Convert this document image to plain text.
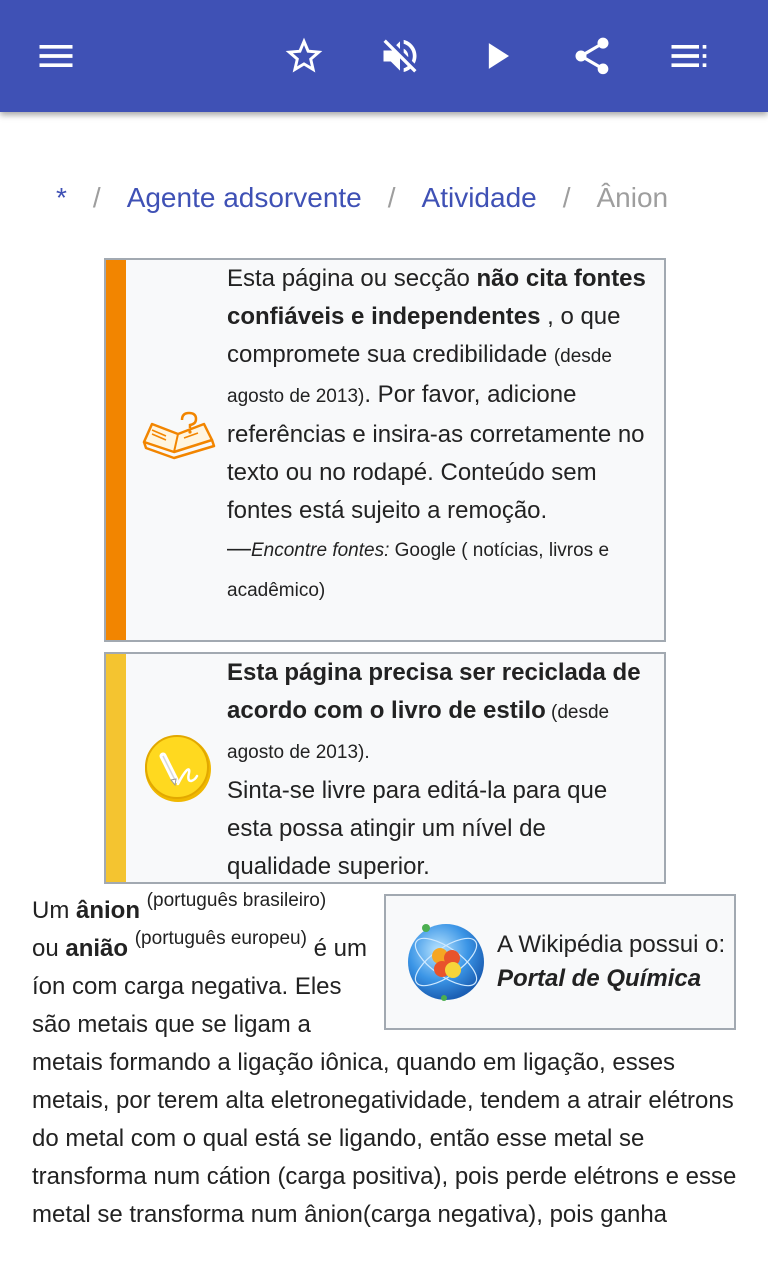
* / Agente adsorvente / Atividade / Ânion
Esta página ou secção não cita fontes confiáveis e independentes , o que compromete sua credibilidade (desde agosto de 2013). Por favor, adicione referências e insira-as corretamente no texto ou no rodapé. Conteúdo sem fontes está sujeito a remoção.
—Encontre fontes: Google ( notícias, livros e acadêmico)
Esta página precisa ser reciclada de acordo com o livro de estilo (desde agosto de 2013).
Sinta-se livre para editá-la para que esta possa atingir um nível de qualidade superior.
A Wikipédia possui o:
Portal de Química
Um ânion $^{(português brasileiro)}$
ou anião $^{(português europeu)}$ é um íon com carga negativa. Eles são metais que se ligam a metais formando a ligação iônica, quando em ligação, esses metais, por terem alta eletronegatividade, tendem a atrair elétrons do metal com o qual está se ligando, então esse metal se transforma num cátion (carga positiva), pois perde elétrons e esse metal se transforma num ânion(carga negativa), pois ganha
